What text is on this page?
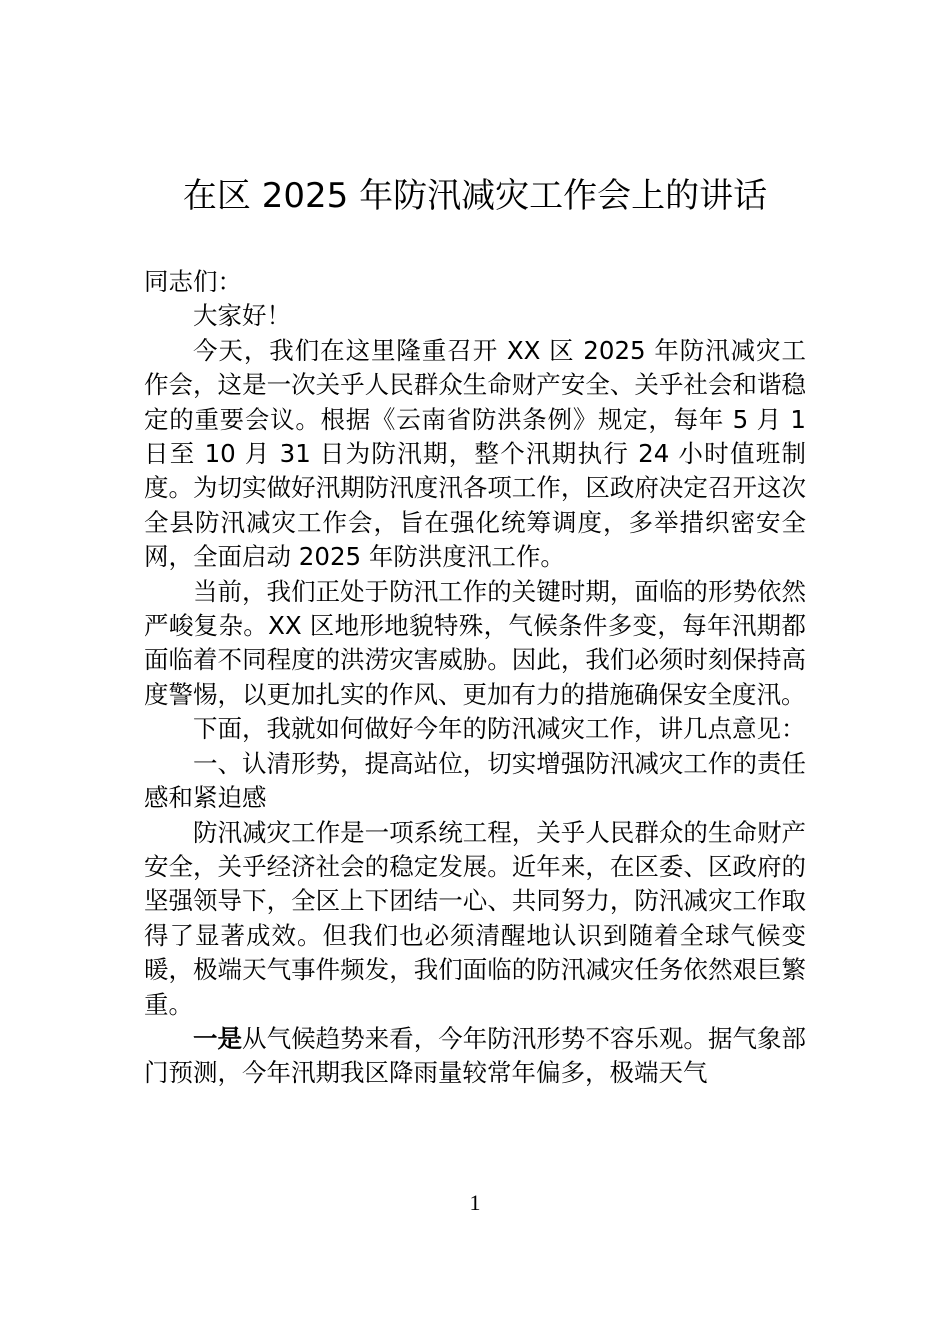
在区 2025 年防汛减灾工作会上的讲话

同志们：

大家好！

今天，我们在这里隆重召开 XX 区 2025 年防汛减灾工作会，这是一次关乎人民群众生命财产安全、关乎社会和谐稳定的重要会议。根据《云南省防洪条例》规定，每年 5 月 1 日至 10 月 31 日为防汛期，整个汛期执行 24 小时值班制度。为切实做好汛期防汛度汛各项工作，区政府决定召开这次全县防汛减灾工作会，旨在强化统筹调度，多举措织密安全网，全面启动 2025 年防洪度汛工作。

当前，我们正处于防汛工作的关键时期，面临的形势依然严峻复杂。XX 区地形地貌特殊，气候条件多变，每年汛期都面临着不同程度的洪涝灾害威胁。因此，我们必须时刻保持高度警惕，以更加扎实的作风、更加有力的措施确保安全度汛。

下面，我就如何做好今年的防汛减灾工作，讲几点意见：

一、认清形势，提高站位，切实增强防汛减灾工作的责任感和紧迫感

防汛减灾工作是一项系统工程，关乎人民群众的生命财产安全，关乎经济社会的稳定发展。近年来，在区委、区政府的坚强领导下，全区上下团结一心、共同努力，防汛减灾工作取得了显著成效。但我们也必须清醒地认识到随着全球气候变暖，极端天气事件频发，我们面临的防汛减灾任务依然艰巨繁重。

一是从气候趋势来看，今年防汛形势不容乐观。据气象部门预测，今年汛期我区降雨量较常年偏多，极端天气

1
